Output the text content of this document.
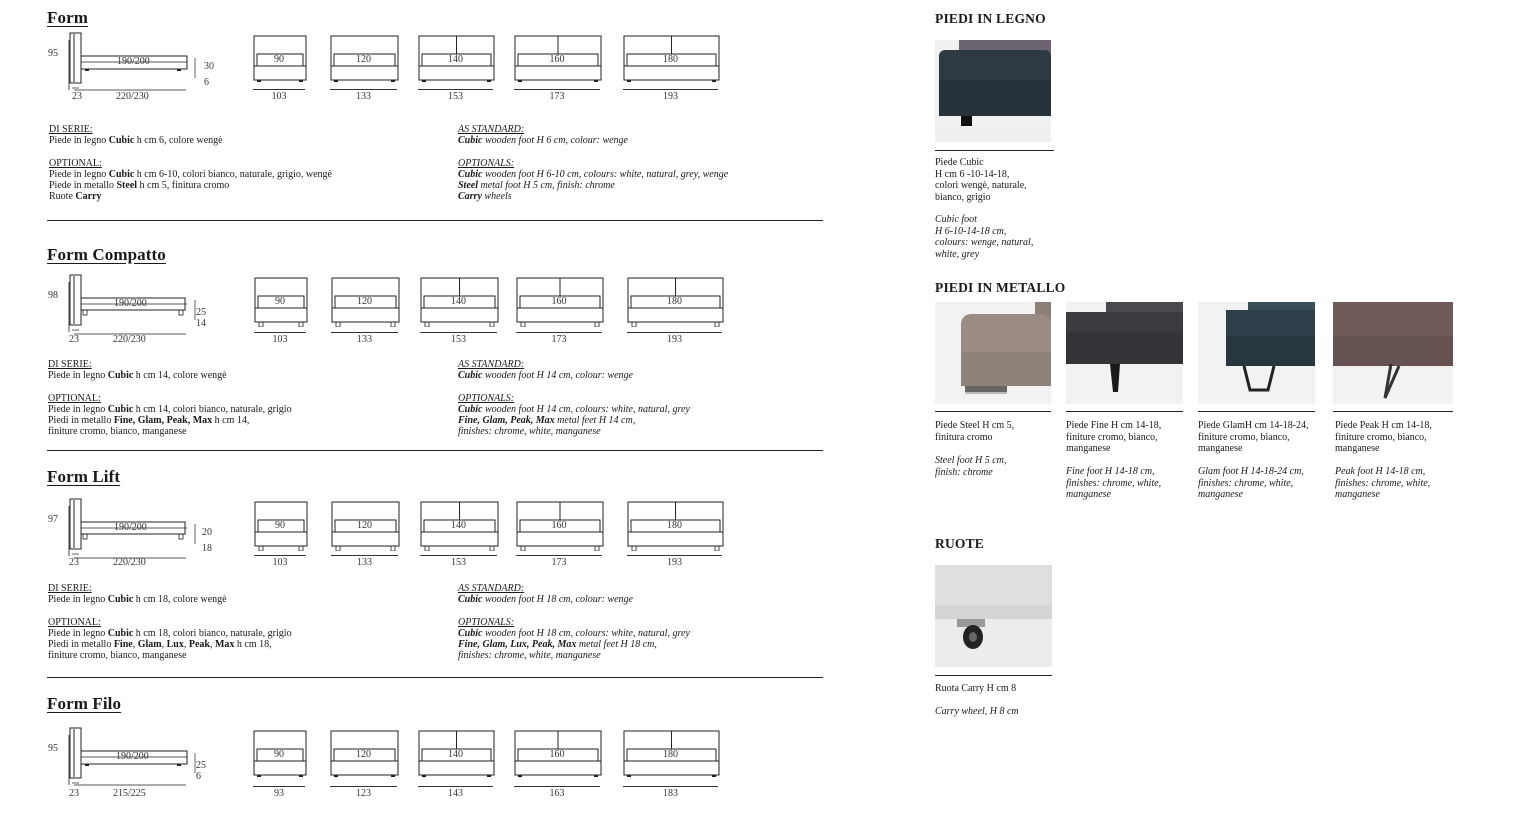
Form
95
190/200
220/230
23
30
6
90
103
120
133
140
153
160
173
180
193
DI SERIE:
Piede in legno Cubic h cm 6, colore wengè
OPTIONAL:
Piede in legno Cubic h cm 6-10, colori bianco, naturale, grigio, wengè
Piede in metallo Steel h cm 5, finitura cromo
Ruote Carry
AS STANDARD:
Cubic wooden foot H 6 cm, colour: wenge
OPTIONALS:
Cubic wooden foot H 6-10 cm, colours: white, natural, grey, wenge
Steel metal foot H 5 cm, finish: chrome
Carry wheels
Form Compatto
98
190/200
220/230
23
25
14
90
103
120
133
140
153
160
173
180
193
DI SERIE:
Piede in legno Cubic h cm 14, colore wengè
OPTIONAL:
Piede in legno Cubic h cm 14, colori bianco, naturale, grigio
Piedi in metallo Fine, Glam, Peak, Max h cm 14,
finiture cromo, bianco, manganese
AS STANDARD:
Cubic wooden foot H 14 cm, colour: wenge
OPTIONALS:
Cubic wooden foot H 14 cm, colours: white, natural, grey
Fine, Glam, Peak, Max metal feet H 14 cm,
finishes: chrome, white, manganese
Form Lift
97
190/200
220/230
23
20
18
90
103
120
133
140
153
160
173
180
193
DI SERIE:
Piede in legno Cubic h cm 18, colore wengè
OPTIONAL:
Piede in legno Cubic h cm 18, colori bianco, naturale, grigio
Piedi in metallo Fine, Glam, Lux, Peak, Max h cm 18,
finiture cromo, bianco, manganese
AS STANDARD:
Cubic wooden foot H 18 cm, colour: wenge
OPTIONALS:
Cubic wooden foot H 18 cm, colours: white, natural, grey
Fine, Glam, Lux, Peak, Max metal feet H 18 cm,
finishes: chrome, white, manganese
Form Filo
95
190/200
215/225
23
25
6
90
93
120
123
140
143
160
163
180
183
PIEDI IN LEGNO
Piede Cubic
H cm 6 -10-14-18,
colori wengè, naturale,
bianco, grigio
Cubic foot
H 6-10-14-18 cm,
colours: wenge, natural,
white, grey
PIEDI IN METALLO
Piede Steel H cm 5,
finitura cromo
Steel foot H 5 cm,
finish: chrome
Piede Fine H cm 14-18,
finiture cromo, bianco,
manganese
Fine foot H 14-18 cm,
finishes: chrome, white,
manganese
Piede GlamH cm 14-18-24,
finiture cromo, bianco,
manganese
Glam foot H 14-18-24 cm,
finishes: chrome, white,
manganese
Piede Peak H cm 14-18,
finiture cromo, bianco,
manganese
Peak foot H 14-18 cm,
finishes: chrome, white,
manganese
RUOTE
Ruota Carry H cm 8
Carry wheel, H 8 cm
